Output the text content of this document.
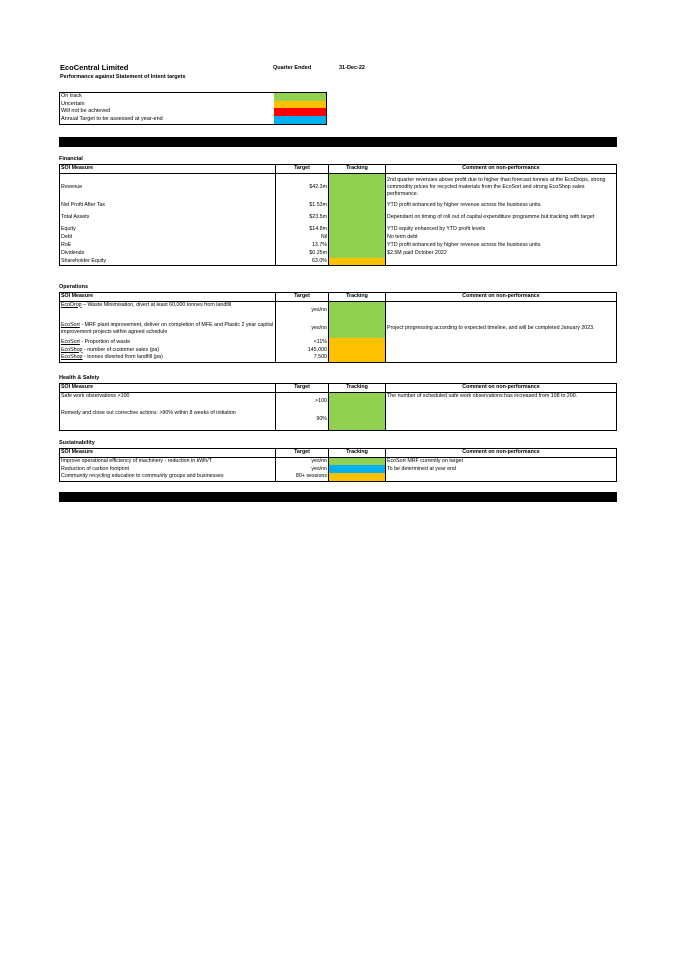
EcoCentral Limited
Performance against Statement of Intent targets
Quarter Ended	31-Dec-22
On track
Uncertain
Will not be achieved
Annual Target to be assessed at year-end
Financial
SOI Measure	Target	Tracking	Comment on non-performance
Revenue	$42.3m		2nd quarter revenues above profit due to higher than forecast tonnes at the EcoDrops, strong commodity prices for recycled materials from the EcoSort and strong EcoShop sales performance.
Net Profit After Tax	$1.53m		YTD profit enhanced by higher revenue across the business units.
Total Assets	$23.5m		Dependant on timing of roll out of capital expenditure programme but tracking with target
Equity	$14.8m		YTD equity enhanced by YTD profit levels
Debt	Nil		No term debt
RoE	13.7%		YTD profit enhanced by higher revenue across the business units
Dividends	$0.25m		$2.5M paid October 2022
Shareholder Equity	63.0%		
Operations
SOI Measure	Target	Tracking	Comment on non-performance
EcoDrop – Waste Minimisation, divert at least 60,000 tonnes from landfill	yes/no		
EcoSort - MRF plant improvement, deliver on completion of MFE and Plastic 2 year capital improvement projects within agreed schedule	yes/no		Project progressing according to expected timeline, and will be completed January 2023.
EcoSort - Proportion of waste	<11%		
EcoShop - number of customer sales (pa)	145,000		
EcoShop - tonnes diverted from landfill (pa)	7,500		
Health & Safety
SOI Measure	Target	Tracking	Comment on non-performance
Safe work observations >100	>100		The number of scheduled safe work observations has increased from 108 to 200.
Remedy and close out corrective actions: >90% within 8 weeks of initiation	90%		
Sustainability
SOI Measure	Target	Tracking	Comment on non-performance
Improve operational efficiency of machinery - reduction in kWh/T	yes/no		EcoSort MRF currently on target
Reduction of carbon footprint	yes/no		To be determined at year end
Community recycling education to community groups and businesses	80+ sessions		
